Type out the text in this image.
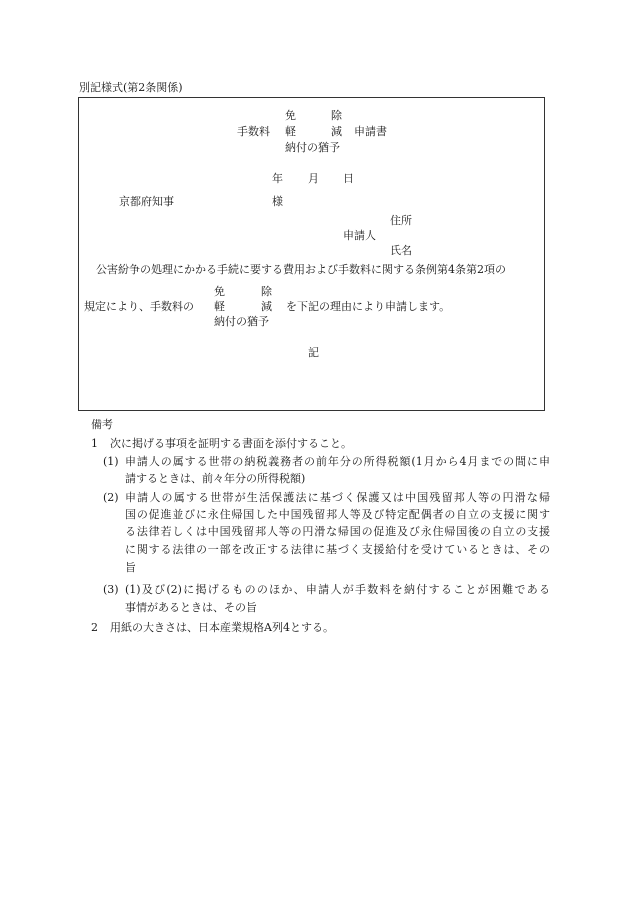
別記様式(第2条関係)
免	除
手数料 軽	減 申請書
納付の猶予
年 月 日
京都府知事	様
住所
申請人
氏名
公害紛争の処理にかかる手続に要する費用および手数料に関する条例第4条第2項の
免	除
規定により、手数料の 軽	減 を下記の理由により申請します。
納付の猶予
記
備考
1 次に掲げる事項を証明する書面を添付すること。
(1) 申請人の属する世帯の納税義務者の前年分の所得税額(1月から4月までの間に申
請するときは、前々年分の所得税額)
(2) 申請人の属する世帯が生活保護法に基づく保護又は中国残留邦人等の円滑な帰
国の促進並びに永住帰国した中国残留邦人等及び特定配偶者の自立の支援に関す
る法律若しくは中国残留邦人等の円滑な帰国の促進及び永住帰国後の自立の支援
に関する法律の一部を改正する法律に基づく支援給付を受けているときは、その
旨
(3) (1)及び(2)に掲げるもののほか、申請人が手数料を納付することが困難である
事情があるときは、その旨
2 用紙の大きさは、日本産業規格A列4とする。
